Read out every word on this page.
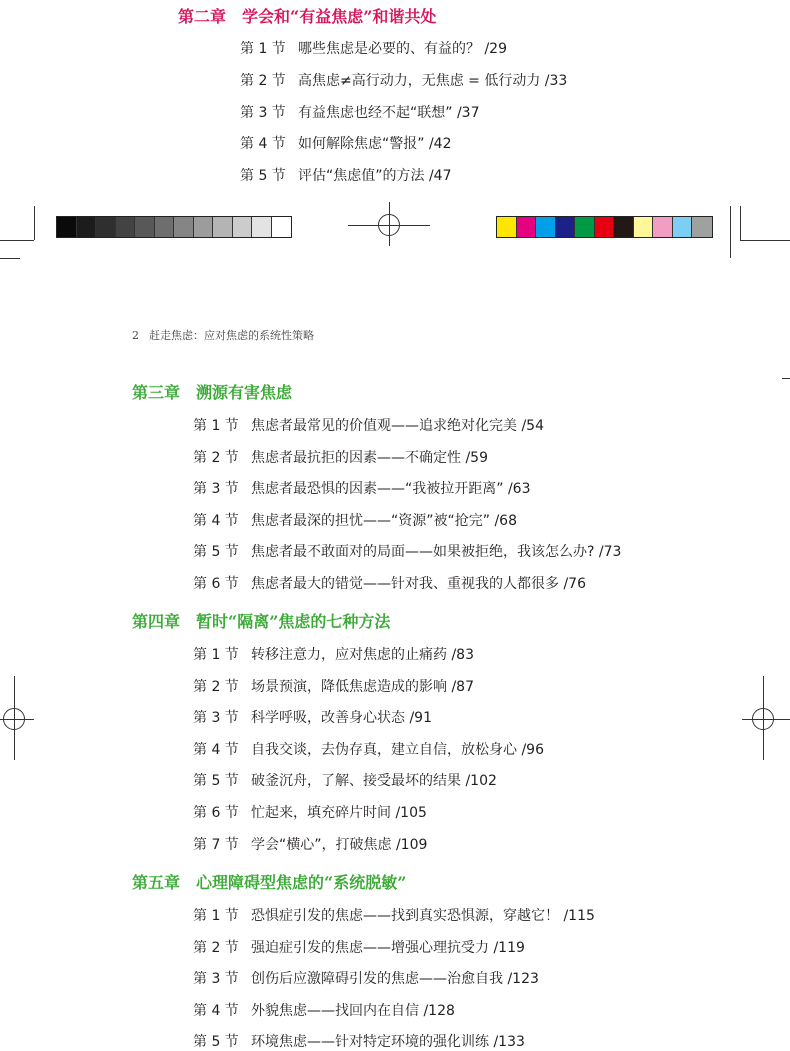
第二章 学会和“有益焦虑”和谐共处
第 1 节 哪些焦虑是必要的、有益的？ /29
第 2 节 高焦虑≠高行动力，无焦虑 = 低行动力 /33
第 3 节 有益焦虑也经不起“联想” /37
第 4 节 如何解除焦虑“警报” /42
第 5 节 评估“焦虑值”的方法 /47
2 赶走焦虑：应对焦虑的系统性策略
第三章 溯源有害焦虑
第 1 节 焦虑者最常见的价值观——追求绝对化完美 /54
第 2 节 焦虑者最抗拒的因素——不确定性 /59
第 3 节 焦虑者最恐惧的因素——“我被拉开距离” /63
第 4 节 焦虑者最深的担忧——“资源”被“抢完” /68
第 5 节 焦虑者最不敢面对的局面——如果被拒绝，我该怎么办? /73
第 6 节 焦虑者最大的错觉——针对我、重视我的人都很多 /76
第四章 暂时“隔离”焦虑的七种方法
第 1 节 转移注意力，应对焦虑的止痛药 /83
第 2 节 场景预演，降低焦虑造成的影响 /87
第 3 节 科学呼吸，改善身心状态 /91
第 4 节 自我交谈，去伪存真，建立自信，放松身心 /96
第 5 节 破釜沉舟，了解、接受最坏的结果 /102
第 6 节 忙起来，填充碎片时间 /105
第 7 节 学会“横心”，打破焦虑 /109
第五章 心理障碍型焦虑的“系统脱敏”
第 1 节 恐惧症引发的焦虑——找到真实恐惧源，穿越它！ /115
第 2 节 强迫症引发的焦虑——增强心理抗受力 /119
第 3 节 创伤后应激障碍引发的焦虑——治愈自我 /123
第 4 节 外貌焦虑——找回内在自信 /128
第 5 节 环境焦虑——针对特定环境的强化训练 /133
